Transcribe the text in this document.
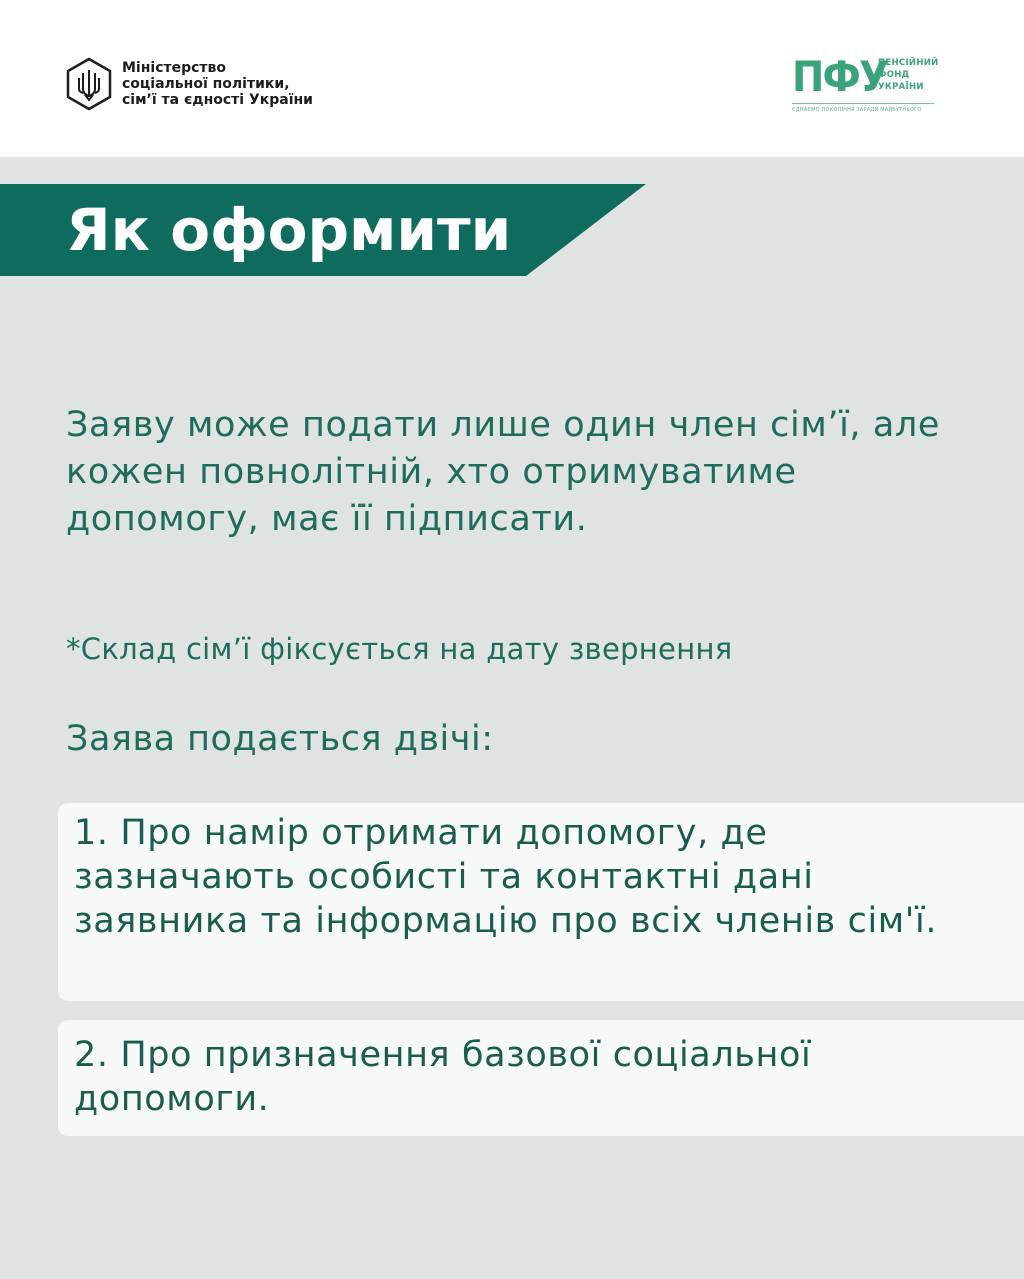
Міністерство
соціальної політики,
сім’ї та єдності України	ПФУ
ПЕНСІЙНИЙ
ФОНД
УКРАЇНИ
ЄДНАЄМО ПОКОЛІННЯ ЗАРАДИ МАЙБУТНЬОГО
Як оформити

Заяву може подати лише один член сім’ї, але кожен повнолітній, хто отримуватиме допомогу, має її підписати.

*Склад сім’ї фіксується на дату звернення

Заява подається двічі:

1. Про намір отримати допомогу, де зазначають особисті та контактні дані заявника та інформацію про всіх членів сім'ї.

2. Про призначення базової соціальної допомоги.
